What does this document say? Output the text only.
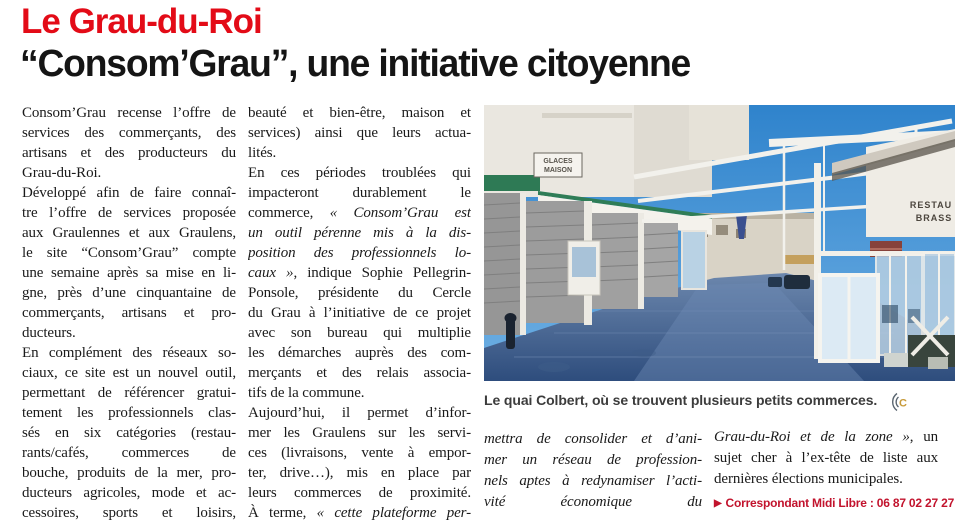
Le Grau-du-Roi
“Consom’Grau”, une initiative citoyenne
Consom’Grau recense l’offre de
services des commerçants, des
artisans et des producteurs du
Grau-du-Roi.
Développé afin de faire connaî-
tre l’offre de services proposée
aux Graulennes et aux Graulens,
le site “Consom’Grau” compte
une semaine après sa mise en li-
gne, près d’une cinquantaine de
commerçants, artisans et pro-
ducteurs.
En complément des réseaux so-
ciaux, ce site est un nouvel outil,
permettant de référencer gratui-
tement les professionnels clas-
sés en six catégories (restau-
rants/cafés, commerces de
bouche, produits de la mer, pro-
ducteurs agricoles, mode et ac-
cessoires, sports et loisirs,
beauté et bien-être, maison et
services) ainsi que leurs actua-
lités.
En ces périodes troublées qui
impacteront durablement le
commerce, « Consom’Grau est
un outil pérenne mis à la dis-
position des professionnels lo-
caux », indique Sophie Pellegrin-
Ponsole, présidente du Cercle
du Grau à l’initiative de ce projet
avec son bureau qui multiplie
les démarches auprès des com-
merçants et des relais associa-
tifs de la commune.
Aujourd’hui, il permet d’infor-
mer les Graulens sur les servi-
ces (livraisons, vente à empor-
ter, drive…), mis en place par
leurs commerces de proximité.
À terme, « cette plateforme per-
GLACES
MAISON
RESTAU
BRASS
Le quai Colbert, où se trouvent plusieurs petits commerces. C
mettra de consolider et d’ani-
mer un réseau de profession-
nels aptes à redynamiser l’acti-
vité économique du
Grau-du-Roi et de la zone », un
sujet cher à l’ex-tête de liste aux
dernières élections municipales.
▶ Correspondant Midi Libre : 06 87 02 27 27
